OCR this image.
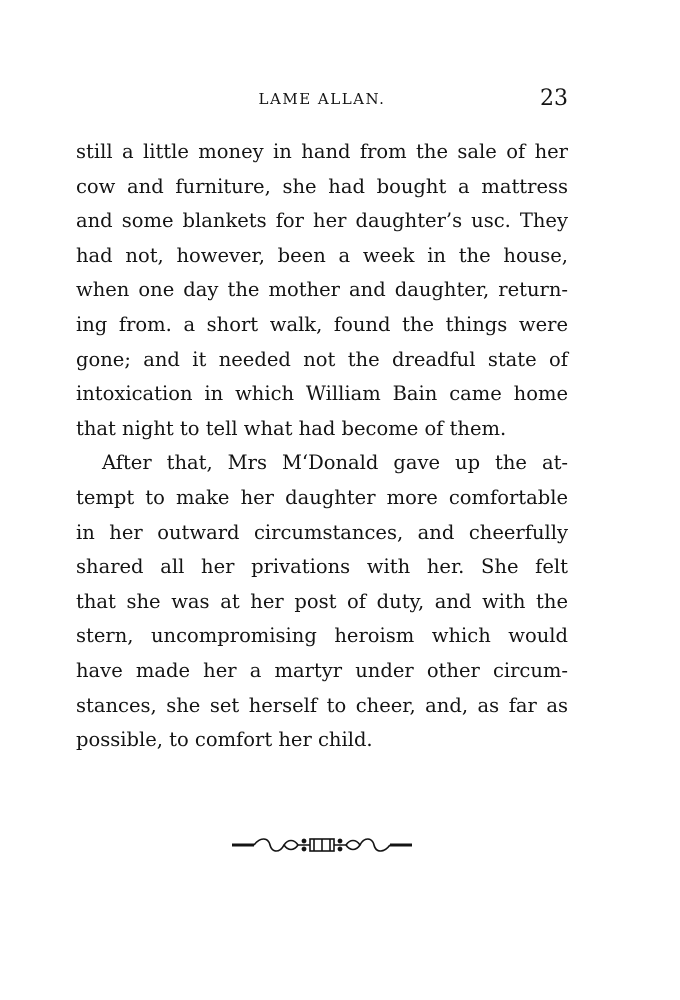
LAME ALLAN.	23
still a little money in hand from the sale of her
cow and furniture, she had bought a mattress
and some blankets for her daughter’s usc. They
had not, however, been a week in the house,
when one day the mother and daughter, return-
ing from. a short walk, found the things were
gone; and it needed not the dreadful state of
intoxication in which William Bain came home
that night to tell what had become of them.
After that, Mrs M‘Donald gave up the at-
tempt to make her daughter more comfortable
in her outward circumstances, and cheerfully
shared all her privations with her. She felt
that she was at her post of duty, and with the
stern, uncompromising heroism which would
have made her a martyr under other circum-
stances, she set herself to cheer, and, as far as
possible, to comfort her child.
